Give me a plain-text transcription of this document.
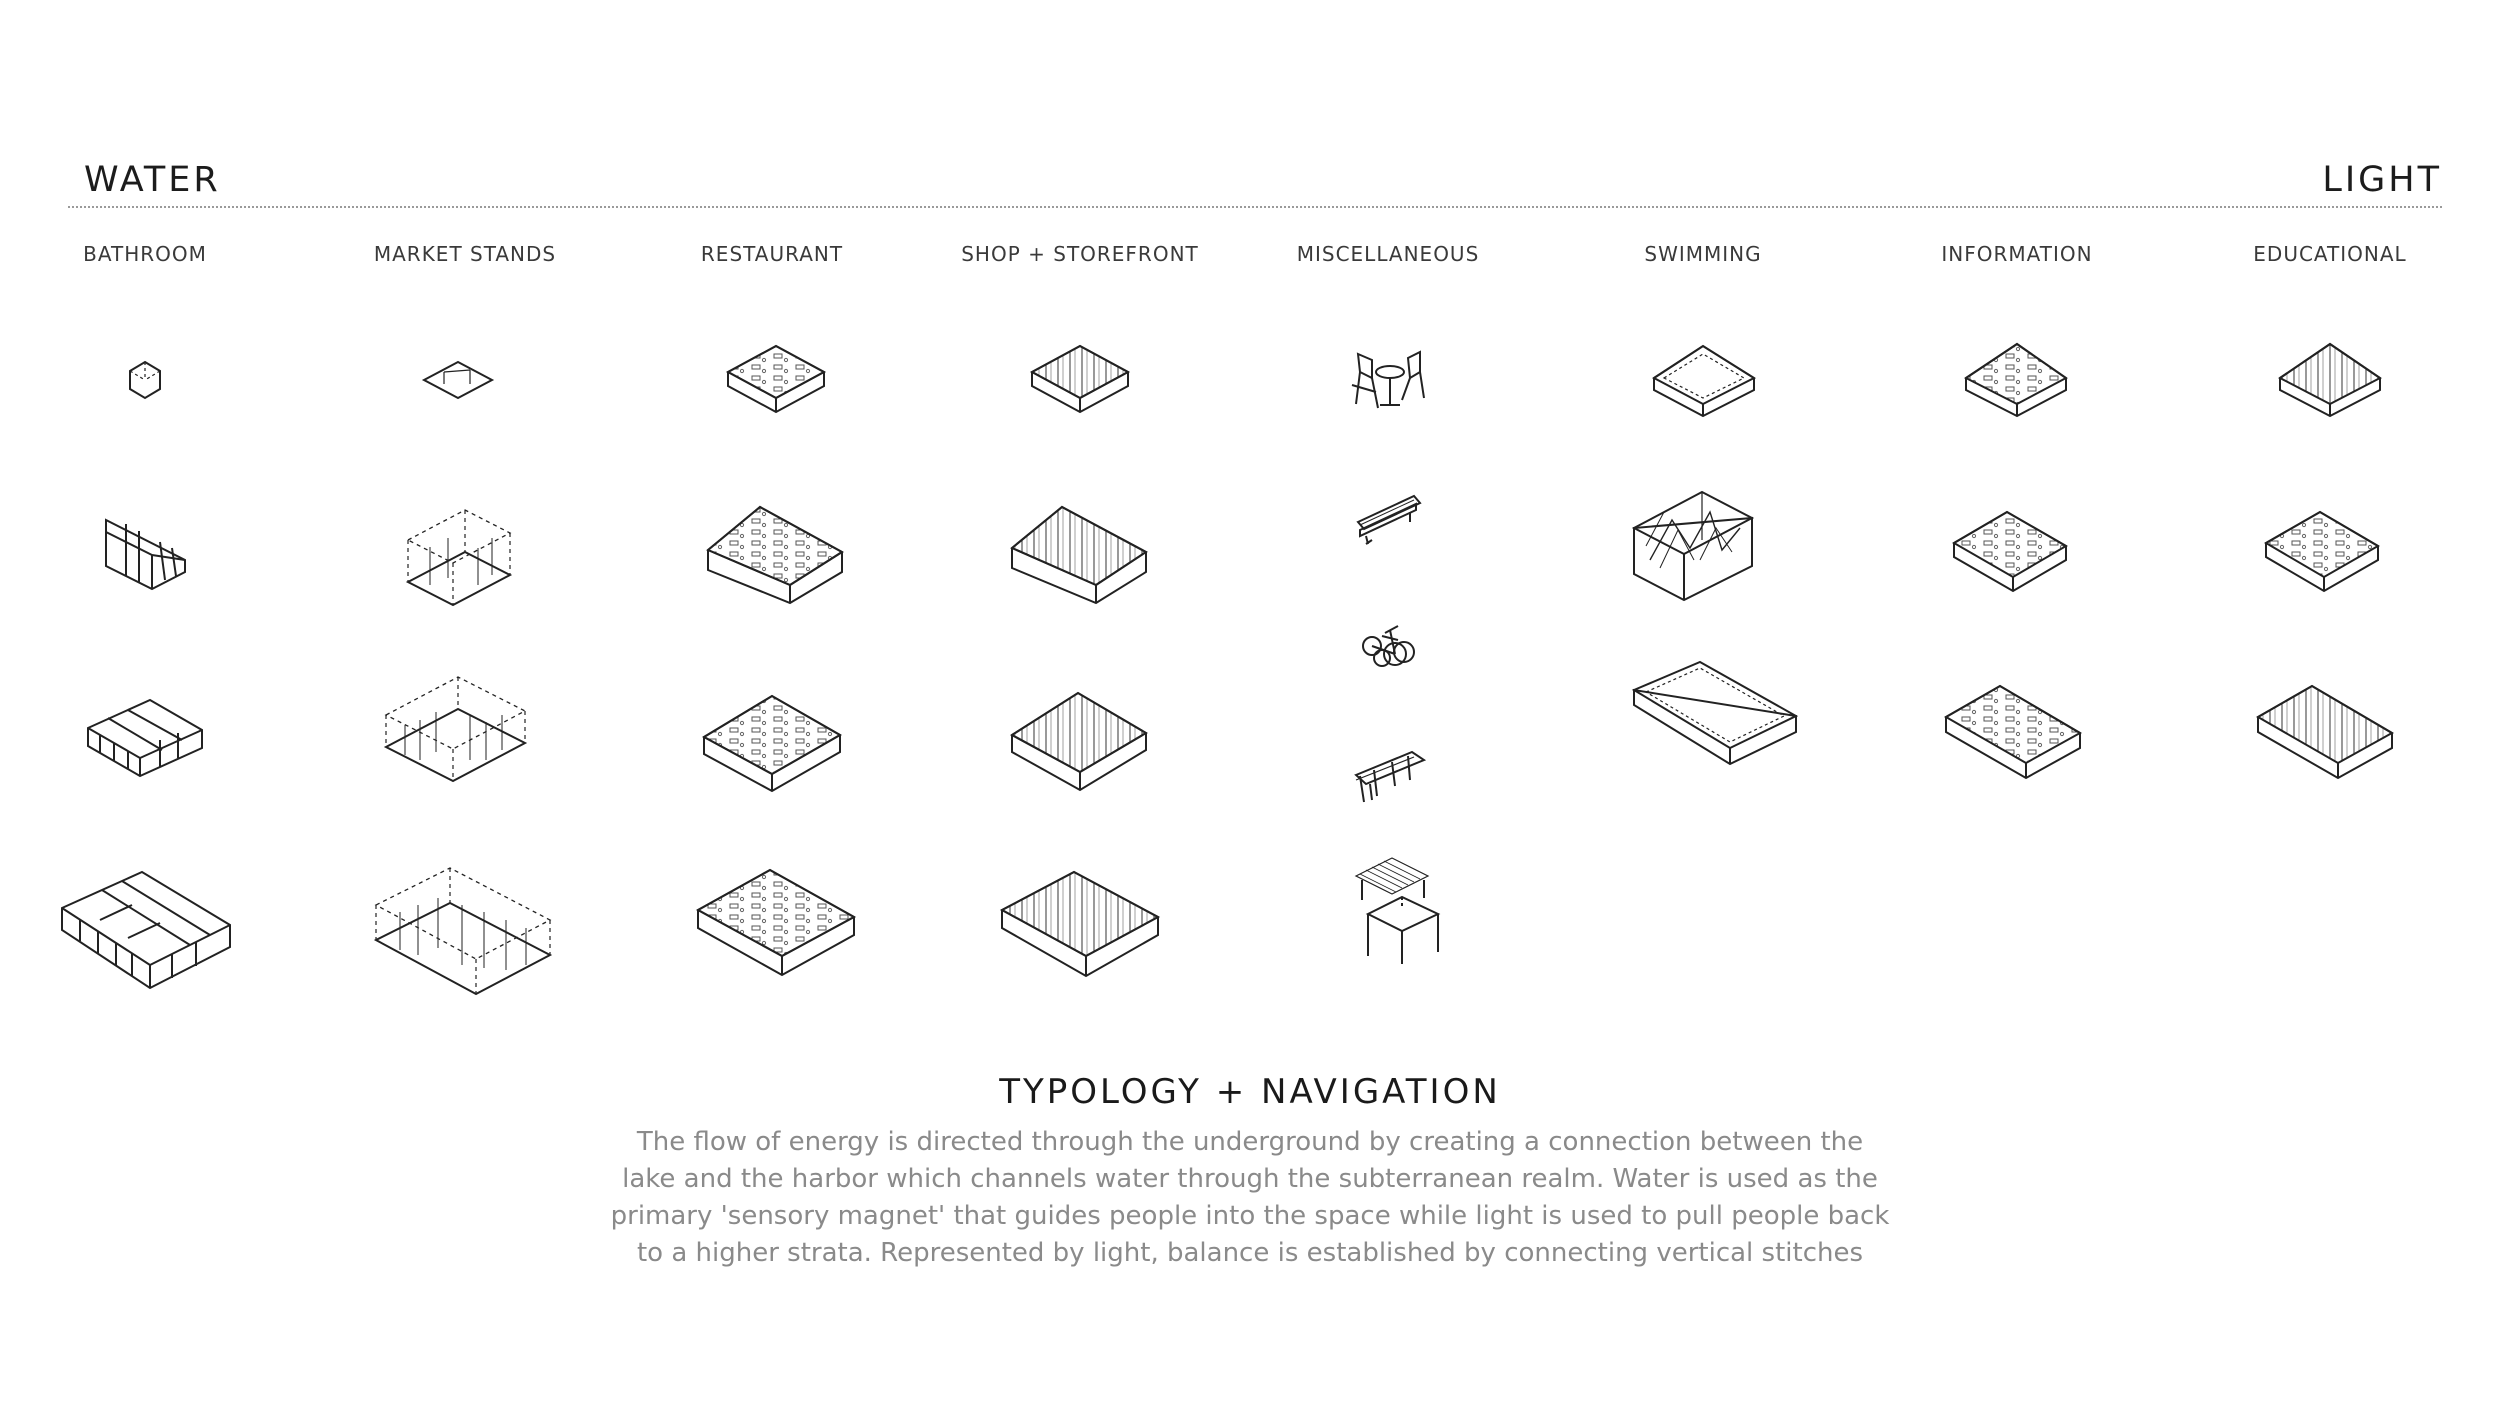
WATER	LIGHT
BATHROOM	MARKET STANDS	RESTAURANT	SHOP + STOREFRONT	MISCELLANEOUS	SWIMMING	INFORMATION	EDUCATIONAL
TYPOLOGY + NAVIGATION
The flow of energy is directed through the underground by creating a connection between the
lake and the harbor which channels water through the subterranean realm. Water is used as the
primary 'sensory magnet' that guides people into the space while light is used to pull people back
to a higher strata. Represented by light, balance is established by connecting vertical stitches
